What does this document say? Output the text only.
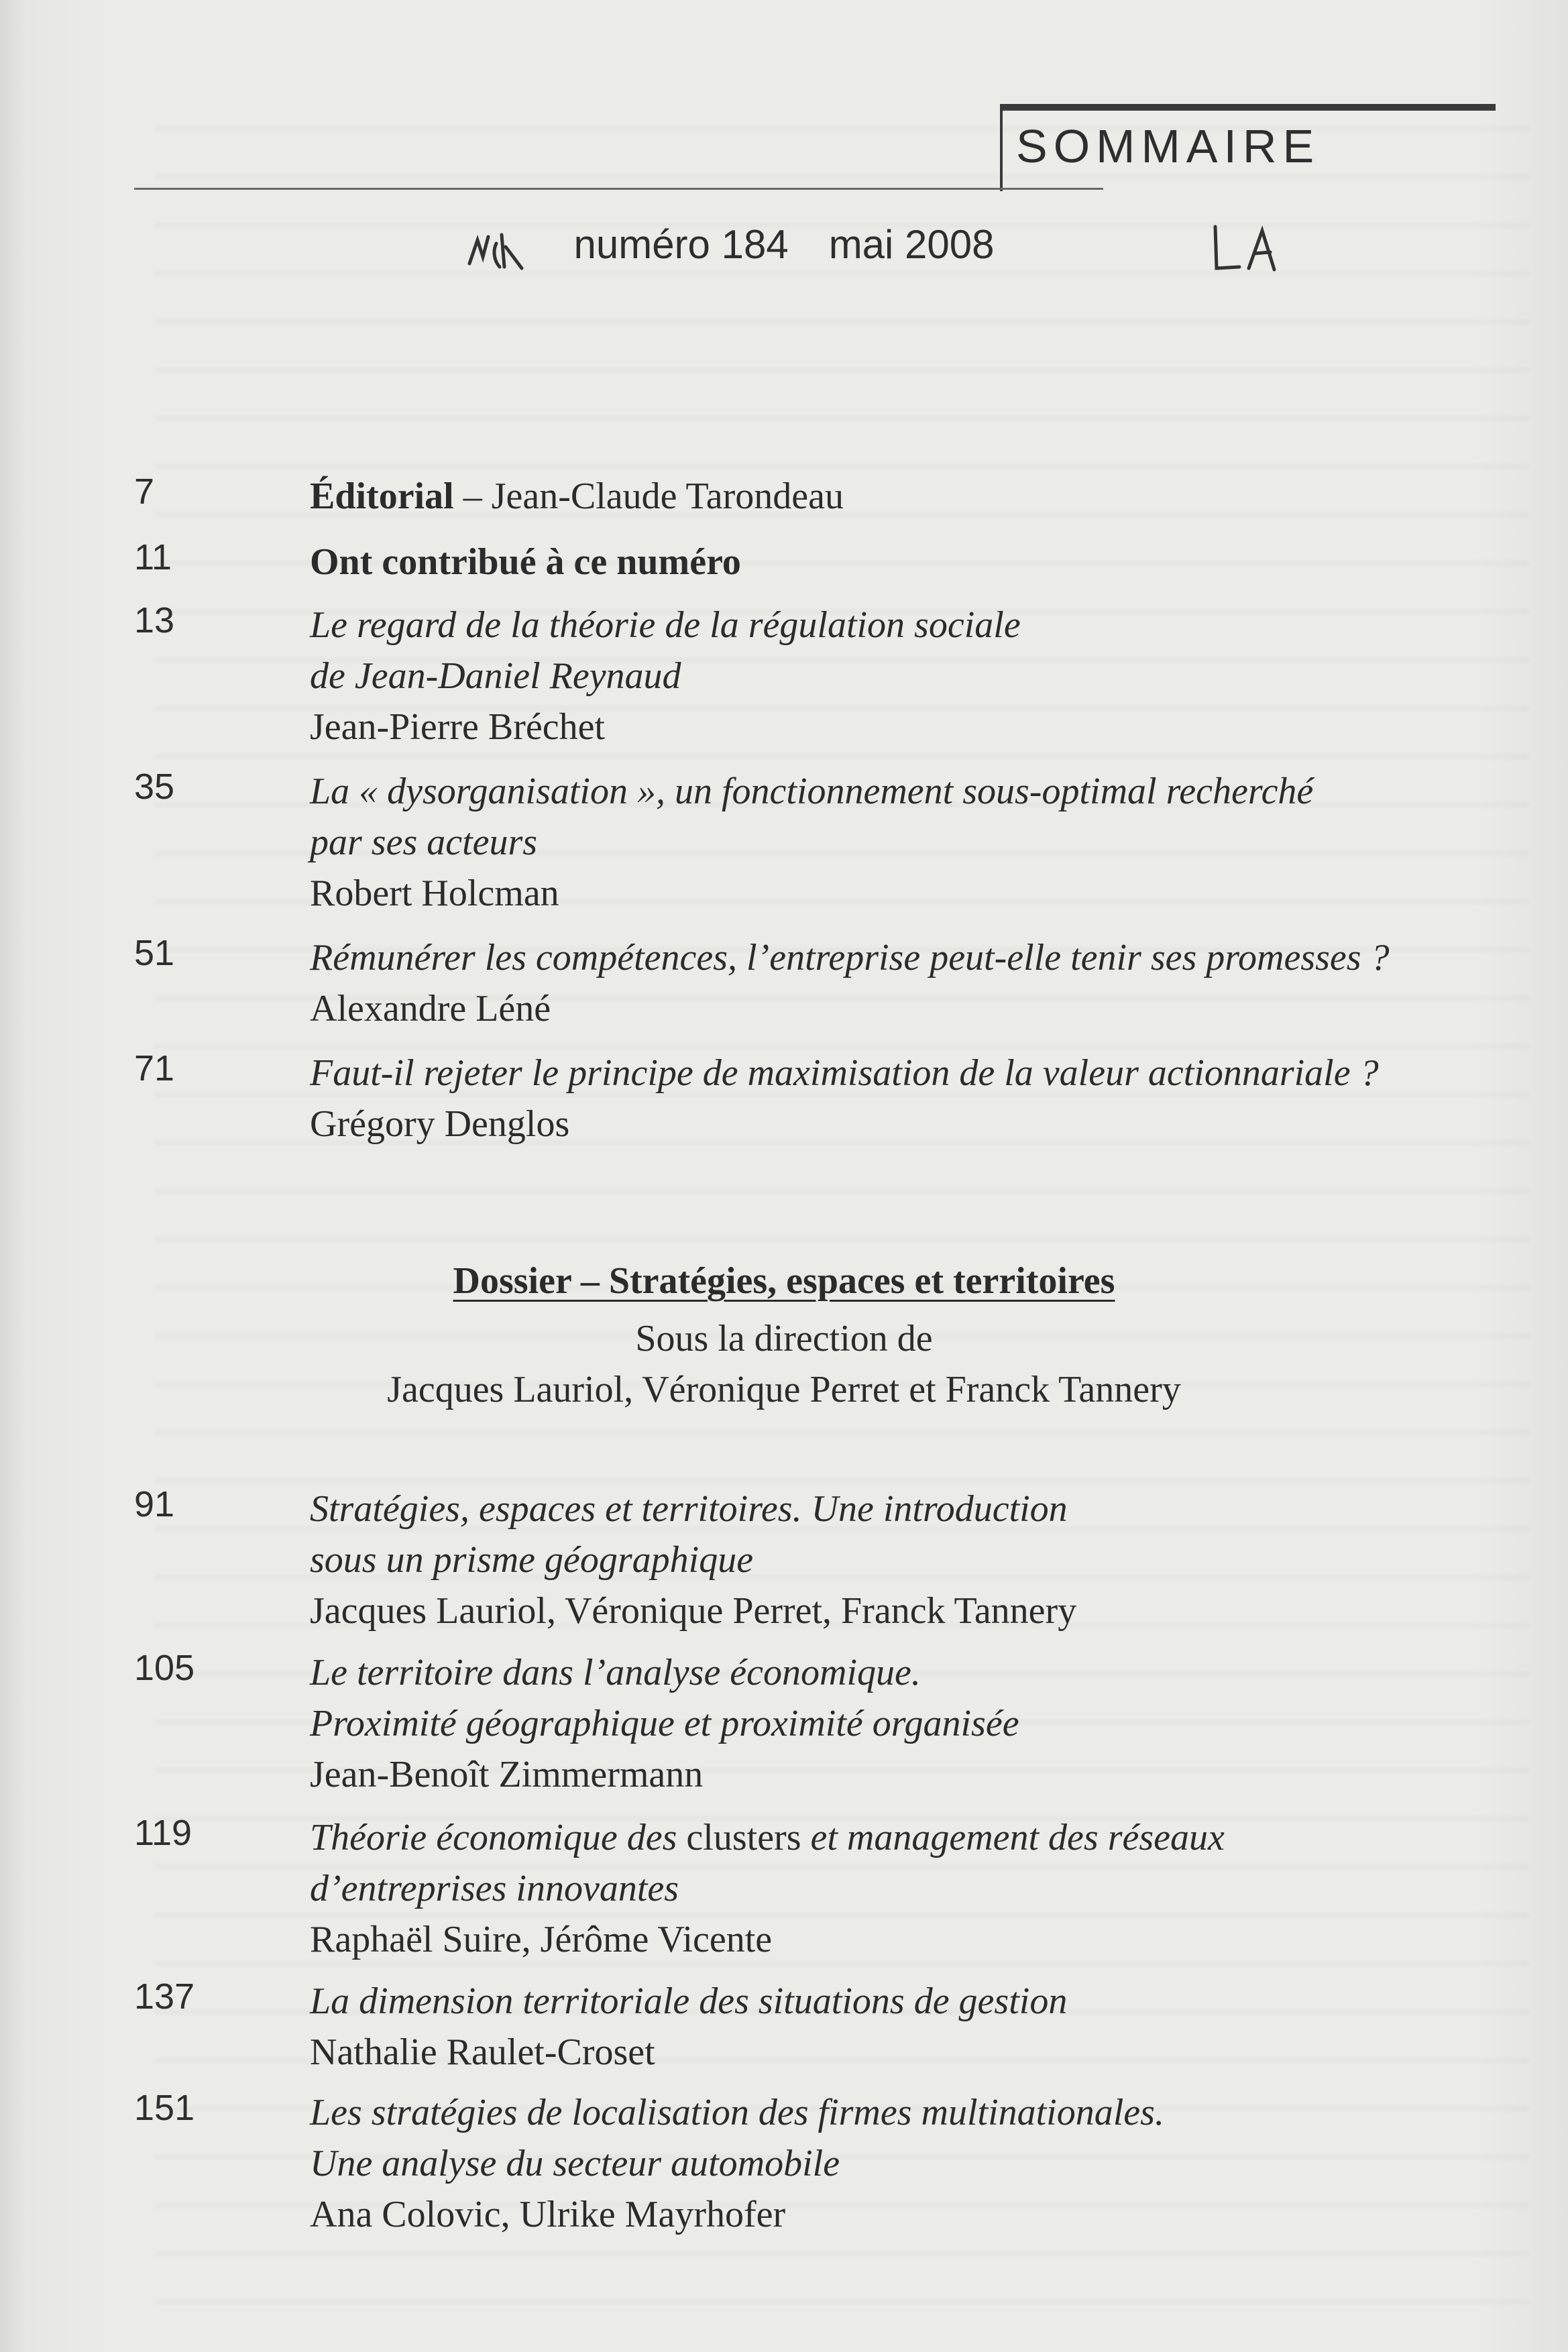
SOMMAIRE
numéro 184 mai 2008
7	Éditorial – Jean-Claude Tarondeau
11	Ont contribué à ce numéro
13	Le regard de la théorie de la régulation sociale
de Jean-Daniel Reynaud
Jean-Pierre Bréchet
35	La « dysorganisation », un fonctionnement sous-optimal recherché
par ses acteurs
Robert Holcman
51	Rémunérer les compétences, l’entreprise peut-elle tenir ses promesses ?
Alexandre Léné
71	Faut-il rejeter le principe de maximisation de la valeur actionnariale ?
Grégory Denglos
Dossier – Stratégies, espaces et territoires
Sous la direction de
Jacques Lauriol, Véronique Perret et Franck Tannery
91	Stratégies, espaces et territoires. Une introduction
sous un prisme géographique
Jacques Lauriol, Véronique Perret, Franck Tannery
105	Le territoire dans l’analyse économique.
Proximité géographique et proximité organisée
Jean-Benoît Zimmermann
119	Théorie économique des clusters et management des réseaux
d’entreprises innovantes
Raphaël Suire, Jérôme Vicente
137	La dimension territoriale des situations de gestion
Nathalie Raulet-Croset
151	Les stratégies de localisation des firmes multinationales.
Une analyse du secteur automobile
Ana Colovic, Ulrike Mayrhofer
